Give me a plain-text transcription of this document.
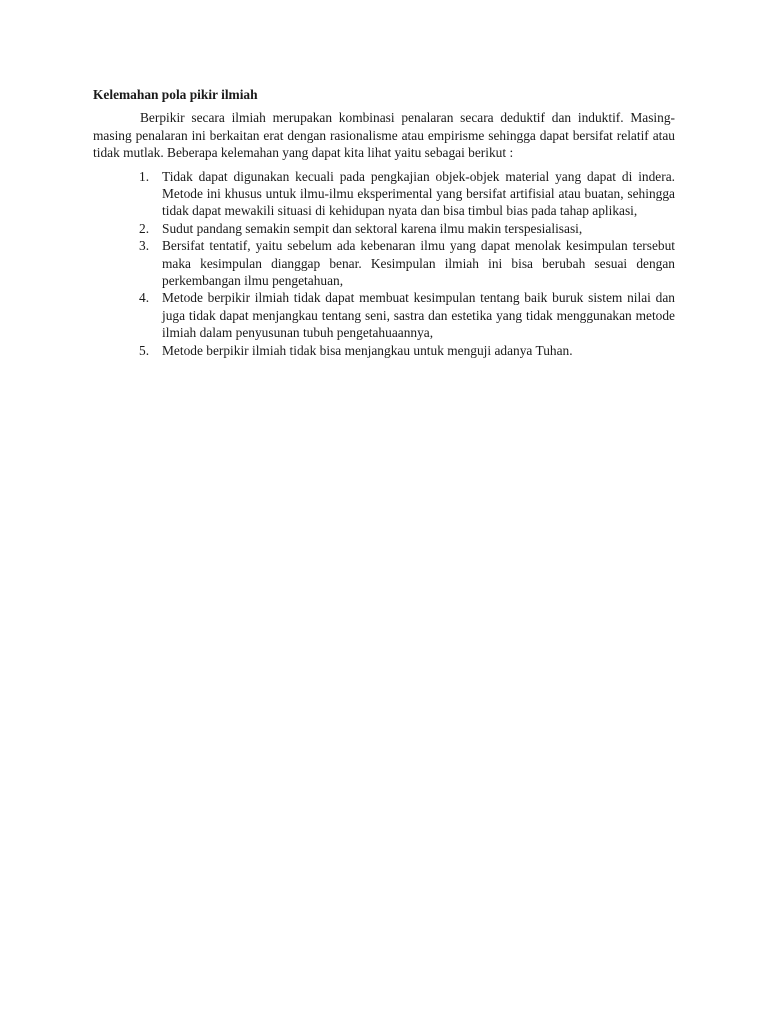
Kelemahan pola pikir ilmiah

Berpikir secara ilmiah merupakan kombinasi penalaran secara deduktif dan induktif. Masing-masing penalaran ini berkaitan erat dengan rasionalisme atau empirisme sehingga dapat bersifat relatif atau tidak mutlak. Beberapa kelemahan yang dapat kita lihat yaitu sebagai berikut :

1. Tidak dapat digunakan kecuali pada pengkajian objek-objek material yang dapat di indera. Metode ini khusus untuk ilmu-ilmu eksperimental yang bersifat artifisial atau buatan, sehingga tidak dapat mewakili situasi di kehidupan nyata dan bisa timbul bias pada tahap aplikasi,
2. Sudut pandang semakin sempit dan sektoral karena ilmu makin terspesialisasi,
3. Bersifat tentatif, yaitu sebelum ada kebenaran ilmu yang dapat menolak kesimpulan tersebut maka kesimpulan dianggap benar. Kesimpulan ilmiah ini bisa berubah sesuai dengan perkembangan ilmu pengetahuan,
4. Metode berpikir ilmiah tidak dapat membuat kesimpulan tentang baik buruk sistem nilai dan juga tidak dapat menjangkau tentang seni, sastra dan estetika yang tidak menggunakan metode ilmiah dalam penyusunan tubuh pengetahuaannya,
5. Metode berpikir ilmiah tidak bisa menjangkau untuk menguji adanya Tuhan.
